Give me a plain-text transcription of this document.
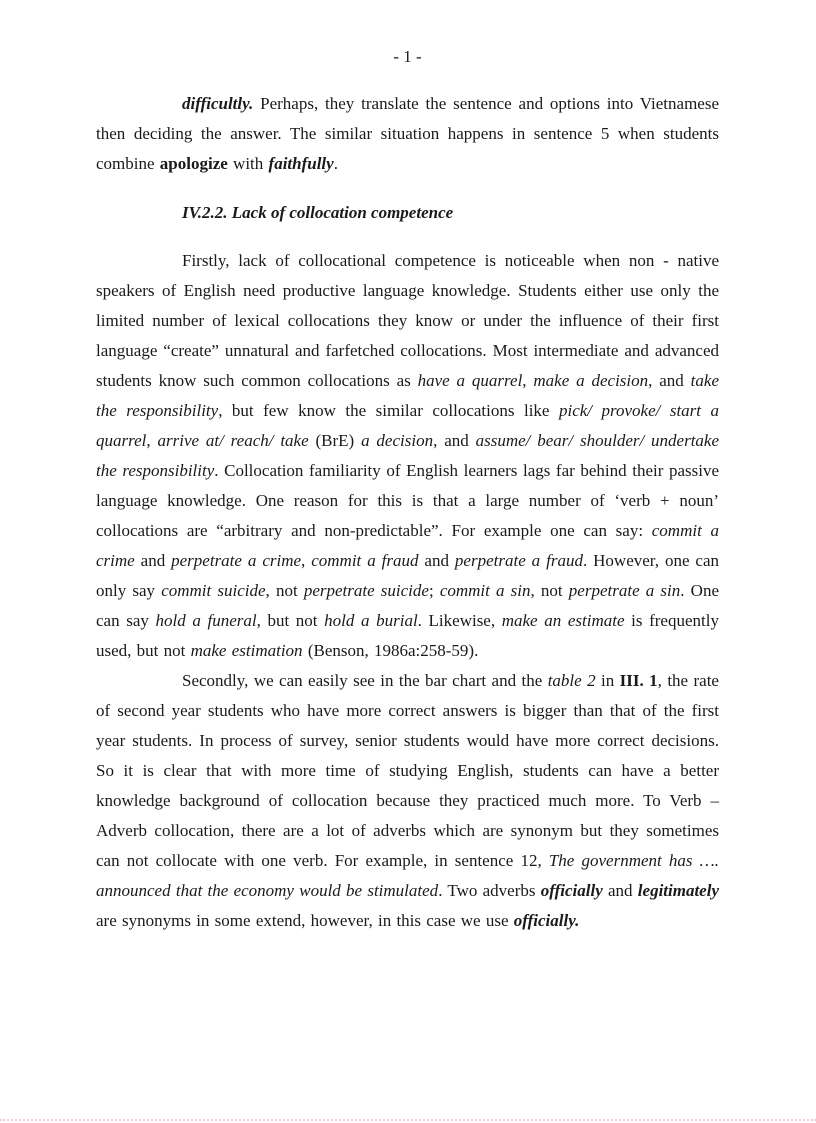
- 1 -

difficultly. Perhaps, they translate the sentence and options into Vietnamese then deciding the answer. The similar situation happens in sentence 5 when students combine apologize with faithfully.

IV.2.2. Lack of collocation competence

Firstly, lack of collocational competence is noticeable when non - native speakers of English need productive language knowledge. Students either use only the limited number of lexical collocations they know or under the influence of their first language “create” unnatural and farfetched collocations. Most intermediate and advanced students know such common collocations as have a quarrel, make a decision, and take the responsibility, but few know the similar collocations like pick/ provoke/ start a quarrel, arrive at/ reach/ take (BrE) a decision, and assume/ bear/ shoulder/ undertake the responsibility. Collocation familiarity of English learners lags far behind their passive language knowledge. One reason for this is that a large number of ‘verb + noun’ collocations are “arbitrary and non-predictable”. For example one can say: commit a crime and perpetrate a crime, commit a fraud and perpetrate a fraud. However, one can only say commit suicide, not perpetrate suicide; commit a sin, not perpetrate a sin. One can say hold a funeral, but not hold a burial. Likewise, make an estimate is frequently used, but not make estimation (Benson, 1986a:258-59).

Secondly, we can easily see in the bar chart and the table 2 in III. 1, the rate of second year students who have more correct answers is bigger than that of the first year students. In process of survey, senior students would have more correct decisions. So it is clear that with more time of studying English, students can have a better knowledge background of collocation because they practiced much more. To Verb – Adverb collocation, there are a lot of adverbs which are synonym but they sometimes can not collocate with one verb. For example, in sentence 12, The government has …. announced that the economy would be stimulated. Two adverbs officially and legitimately are synonyms in some extend, however, in this case we use officially.
